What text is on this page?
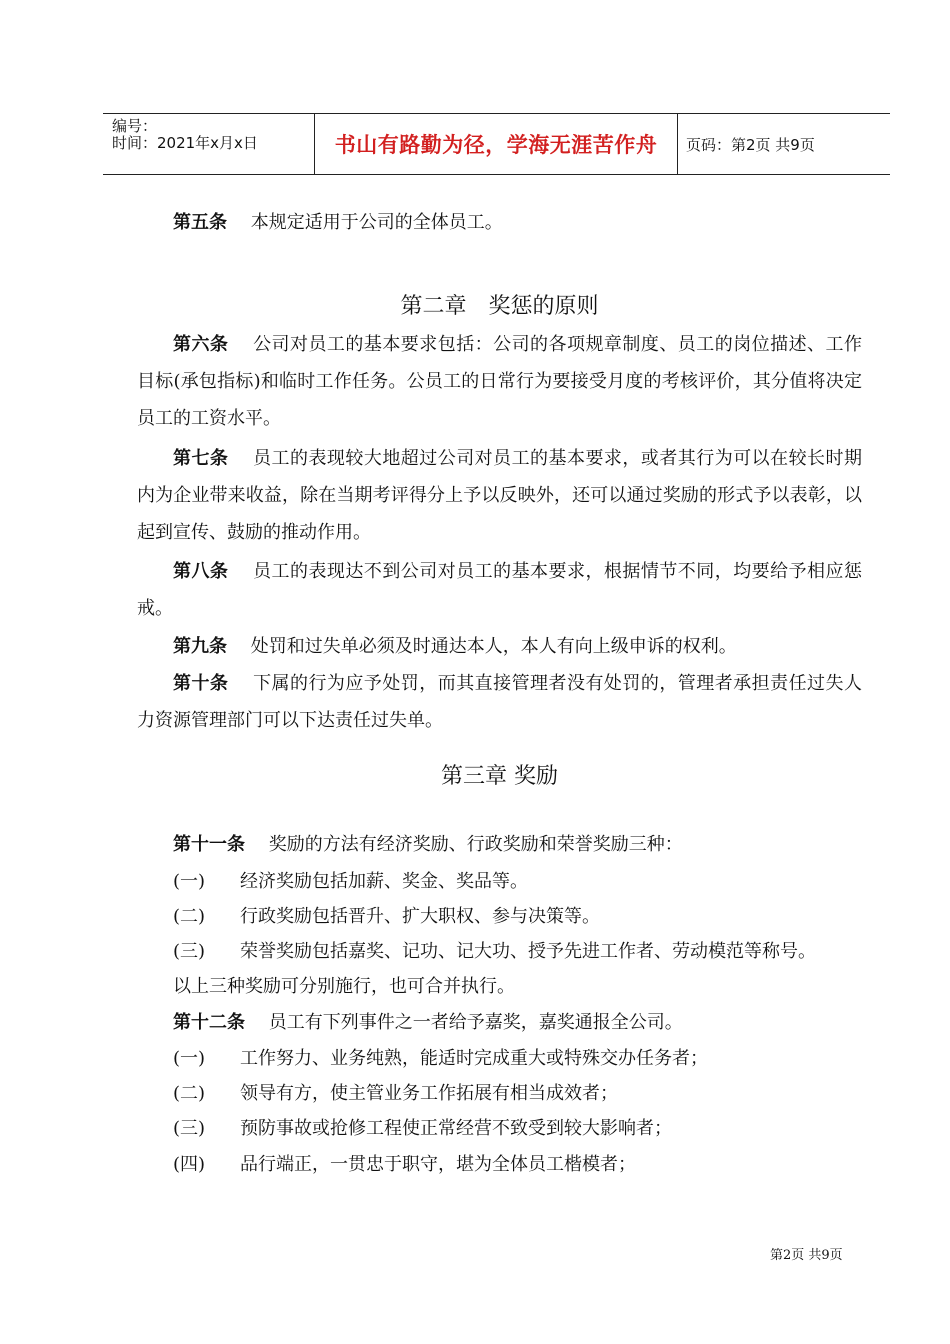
编号：
时间：2021年x月x日	书山有路勤为径，学海无涯苦作舟	页码：第2页 共9页
第五条　 本规定适用于公司的全体员工。
第二章　奖惩的原则
第六条　 公司对员工的基本要求包括：公司的各项规章制度、员工的岗位描述、工作目标(承包指标)和临时工作任务。公员工的日常行为要接受月度的考核评价，其分值将决定员工的工资水平。
第七条　 员工的表现较大地超过公司对员工的基本要求，或者其行为可以在较长时期内为企业带来收益，除在当期考评得分上予以反映外，还可以通过奖励的形式予以表彰，以起到宣传、鼓励的推动作用。
第八条　 员工的表现达不到公司对员工的基本要求，根据情节不同，均要给予相应惩戒。
第九条　 处罚和过失单必须及时通达本人，本人有向上级申诉的权利。
第十条　 下属的行为应予处罚，而其直接管理者没有处罚的，管理者承担责任过失人力资源管理部门可以下达责任过失单。
第三章 奖励
第十一条　 奖励的方法有经济奖励、行政奖励和荣誉奖励三种：
(一) 经济奖励包括加薪、奖金、奖品等。
(二) 行政奖励包括晋升、扩大职权、参与决策等。
(三) 荣誉奖励包括嘉奖、记功、记大功、授予先进工作者、劳动模范等称号。
以上三种奖励可分别施行，也可合并执行。
第十二条　 员工有下列事件之一者给予嘉奖，嘉奖通报全公司。
(一) 工作努力、业务纯熟，能适时完成重大或特殊交办任务者；
(二) 领导有方，使主管业务工作拓展有相当成效者；
(三) 预防事故或抢修工程使正常经营不致受到较大影响者；
(四) 品行端正，一贯忠于职守，堪为全体员工楷模者；
第2页 共9页
